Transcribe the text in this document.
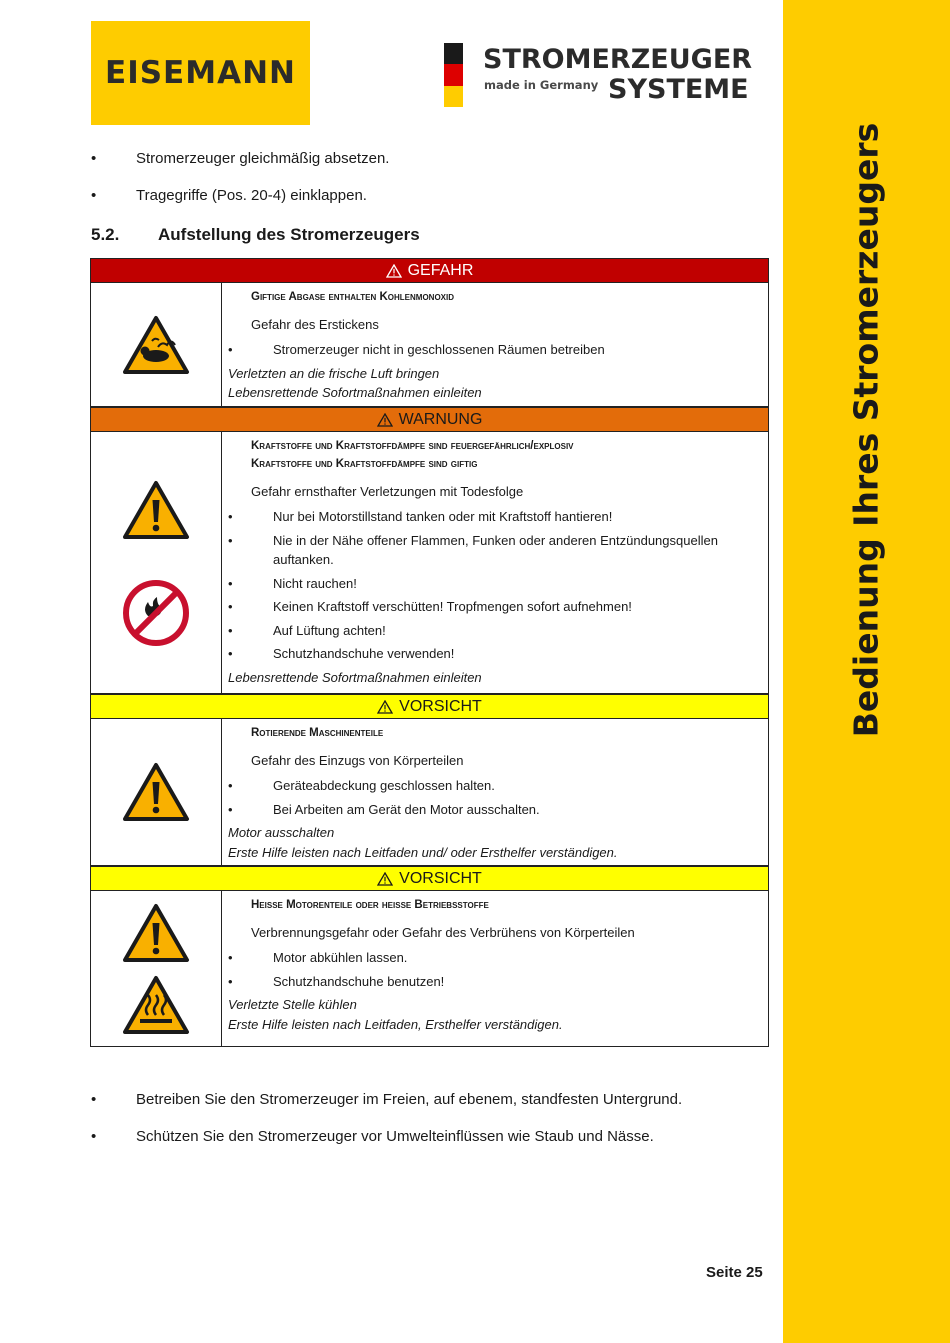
Bedienung Ihres Stromerzeugers
EISEMANN	STROMERZEUGER
made in Germany SYSTEME
•	Stromerzeuger gleichmäßig absetzen.
•	Tragegriffe (Pos. 20-4) einklappen.
5.2. Aufstellung des Stromerzeugers
GEFAHR
Giftige Abgase enthalten Kohlenmonoxid
Gefahr des Erstickens
• Stromerzeuger nicht in geschlossenen Räumen betreiben
Verletzten an die frische Luft bringen
Lebensrettende Sofortmaßnahmen einleiten
WARNUNG
Kraftstoffe und Kraftstoffdämpfe sind feuergefährlich/explosiv
Kraftstoffe und Kraftstoffdämpfe sind giftig
Gefahr ernsthafter Verletzungen mit Todesfolge
• Nur bei Motorstillstand tanken oder mit Kraftstoff hantieren!
• Nie in der Nähe offener Flammen, Funken oder anderen Entzündungsquellen auftanken.
• Nicht rauchen!
• Keinen Kraftstoff verschütten! Tropfmengen sofort aufnehmen!
• Auf Lüftung achten!
• Schutzhandschuhe verwenden!
Lebensrettende Sofortmaßnahmen einleiten
VORSICHT
Rotierende Maschinenteile
Gefahr des Einzugs von Körperteilen
• Geräteabdeckung geschlossen halten.
• Bei Arbeiten am Gerät den Motor ausschalten.
Motor ausschalten
Erste Hilfe leisten nach Leitfaden und/ oder Ersthelfer verständigen.
VORSICHT
Heisse Motorenteile oder heisse Betriebsstoffe
Verbrennungsgefahr oder Gefahr des Verbrühens von Körperteilen
• Motor abkühlen lassen.
• Schutzhandschuhe benutzen!
Verletzte Stelle kühlen
Erste Hilfe leisten nach Leitfaden, Ersthelfer verständigen.
•	Betreiben Sie den Stromerzeuger im Freien, auf ebenem, standfesten Untergrund.
•	Schützen Sie den Stromerzeuger vor Umwelteinflüssen wie Staub und Nässe.
Seite 25
